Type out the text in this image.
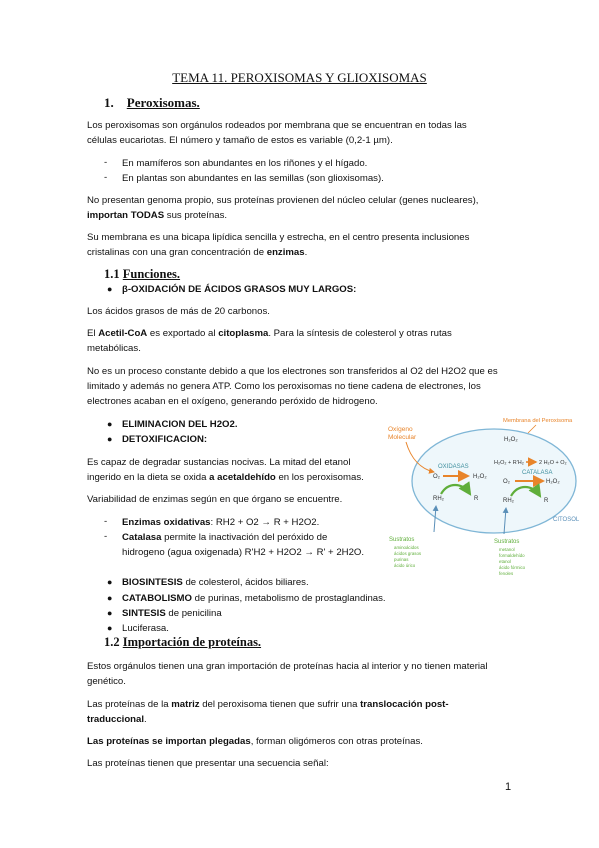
TEMA 11. PEROXISOMAS Y GLIOXISOMAS
1. Peroxisomas.
Los peroxisomas son orgánulos rodeados por membrana que se encuentran en todas las
células eucariotas. El número y tamaño de estos es variable (0,2-1 µm).
- En mamíferos son abundantes en los riñones y el hígado.
- En plantas son abundantes en las semillas (son glioxisomas).
No presentan genoma propio, sus proteínas provienen del núcleo celular (genes nucleares),
importan TODAS sus proteínas.
Su membrana es una bicapa lipídica sencilla y estrecha, en el centro presenta inclusiones
cristalinas con una gran concentración de enzimas.
1.1 Funciones.
● β-OXIDACIÓN DE ÁCIDOS GRASOS MUY LARGOS:
Los ácidos grasos de más de 20 carbonos.
El Acetil-CoA es exportado al citoplasma. Para la síntesis de colesterol y otras rutas
metabólicas.
No es un proceso constante debido a que los electrones son transferidos al O2 del H2O2 que es
limitado y además no genera ATP. Como los peroxisomas no tiene cadena de electrones, los
electrones acaban en el oxígeno, generando peróxido de hidrogeno.
● ELIMINACION DEL H2O2.
● DETOXIFICACION:
Es capaz de degradar sustancias nocivas. La mitad del etanol
ingerido en la dieta se oxida a acetaldehído en los peroxisomas.
Variabilidad de enzimas según en que órgano se encuentre.
- Enzimas oxidativas: RH2 + O2 → R + H2O2.
- Catalasa permite la inactivación del peróxido de
hidrogeno (agua oxigenada) R'H2 + H2O2 → R' + 2H2O.
● BIOSINTESIS de colesterol, ácidos biliares.
● CATABOLISMO de purinas, metabolismo de prostaglandinas.
● SINTESIS de penicilina
● Luciferasa.
1.2 Importación de proteínas.
Estos orgánulos tienen una gran importación de proteínas hacia al interior y no tienen material
genético.
Las proteínas de la matriz del peroxisoma tienen que sufrir una translocación post-
traduccional.
Las proteínas se importan plegadas, forman oligómeros con otras proteínas.
Las proteínas tienen que presentar una secuencia señal:
1
Oxígeno
Molecular
Membrana del Peroxisoma
OXIDASAS
O₂	H₂O₂
RH₂	R
H₂O₂
H₂O₂ + R'H₂	2 H₂O + O₂
CATALASA
O₂	H₂O₂
RH₂	R
CITOSOL
Sustratos
aminoácidos
ácidos grasos
purinas
ácido úrico
Sustratos
metanol
formaldehído
etanol
ácido fórmico
fenoles
